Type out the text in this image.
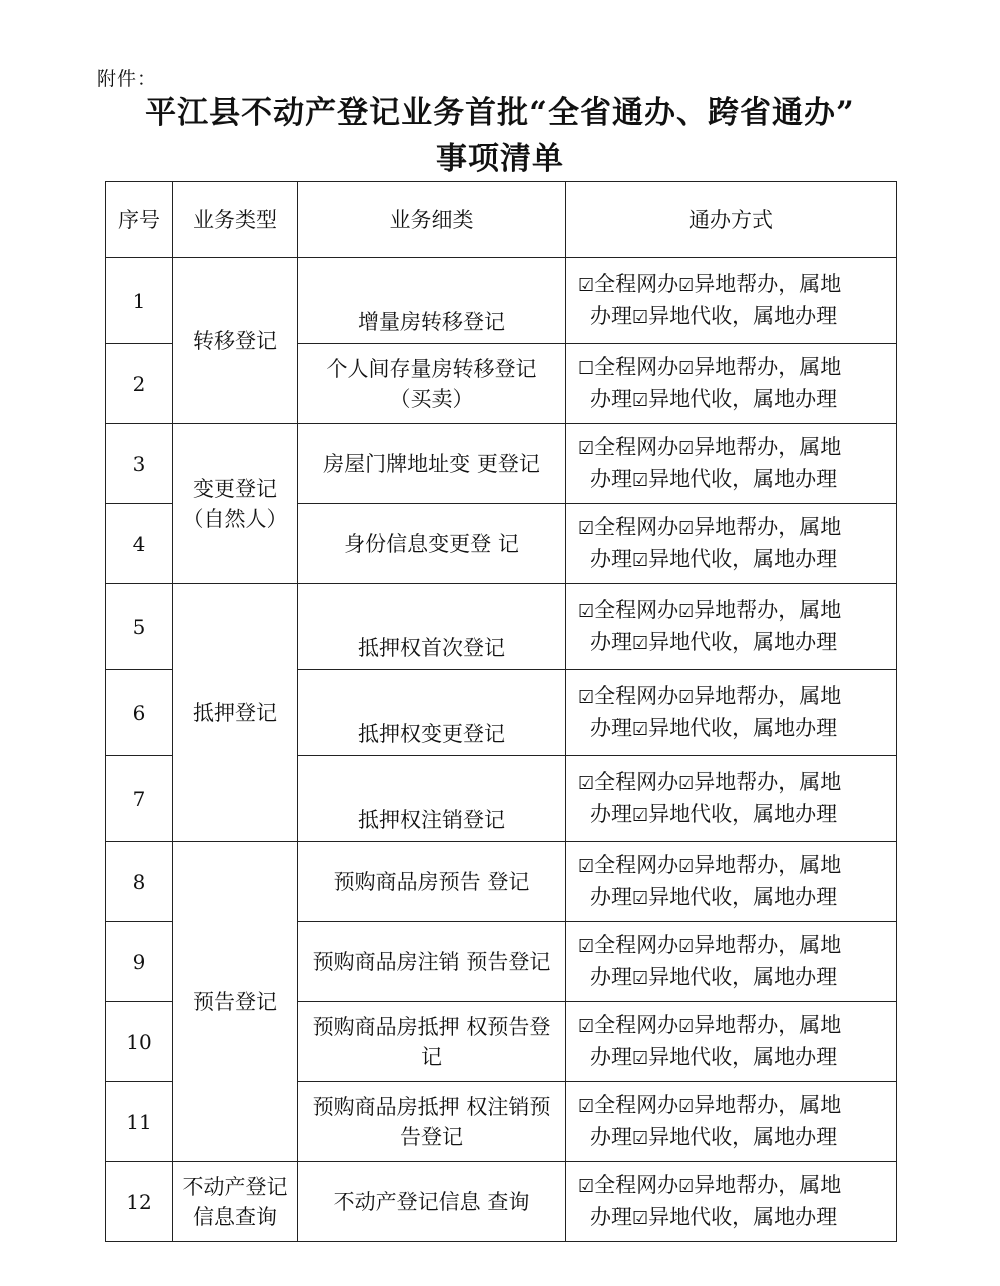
附件：
平江县不动产登记业务首批“全省通办、跨省通办”
事项清单
序号	业务类型	业务细类	通办方式
1	转移登记	增量房转移登记	☑全程网办☑异地帮办，属地
办理☑异地代收，属地办理

2		个人间存量房转移登记（买卖）	☐全程网办☑异地帮办，属地
办理☑异地代收，属地办理

3	变更登记（自然人）	房屋门牌地址变 更登记	☑全程网办☑异地帮办，属地
办理☑异地代收，属地办理

4		身份信息变更登 记	☑全程网办☑异地帮办，属地
办理☑异地代收，属地办理

5	抵押登记	抵押权首次登记	☑全程网办☑异地帮办，属地
办理☑异地代收，属地办理

6		抵押权变更登记	☑全程网办☑异地帮办，属地
办理☑异地代收，属地办理

7		抵押权注销登记	☑全程网办☑异地帮办，属地
办理☑异地代收，属地办理

8	预告登记	预购商品房预告 登记	☑全程网办☑异地帮办，属地
办理☑异地代收，属地办理

9		预购商品房注销 预告登记	☑全程网办☑异地帮办，属地
办理☑异地代收，属地办理

10		预购商品房抵押 权预告登记	☑全程网办☑异地帮办，属地
办理☑异地代收，属地办理

11		预购商品房抵押 权注销预告登记	☑全程网办☑异地帮办，属地
办理☑异地代收，属地办理

12	不动产登记信息查询	不动产登记信息 查询	☑全程网办☑异地帮办，属地
办理☑异地代收，属地办理
